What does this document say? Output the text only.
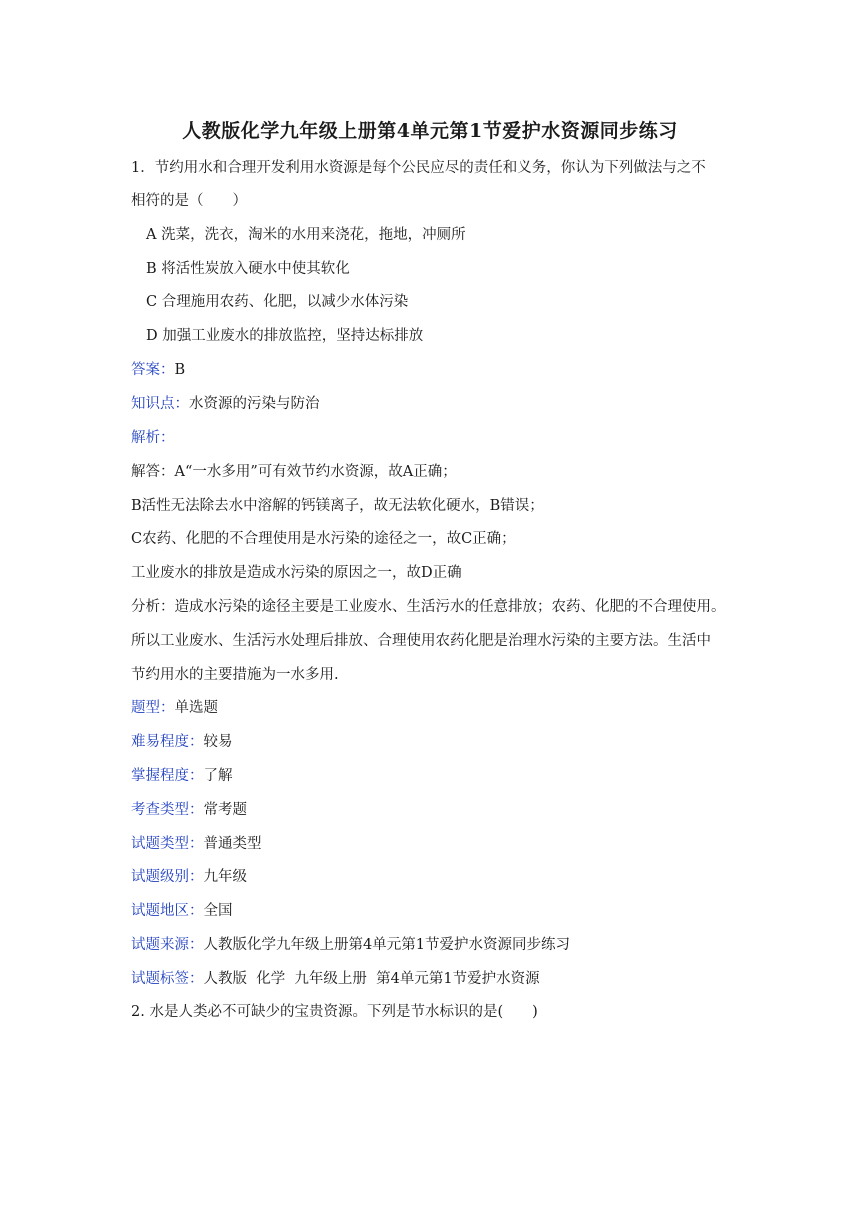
人教版化学九年级上册第4单元第1节爱护水资源同步练习
1．节约用水和合理开发利用水资源是每个公民应尽的责任和义务，你认为下列做法与之不
相符的是（　　）
A 洗菜，洗衣，淘米的水用来浇花，拖地，冲厕所
B 将活性炭放入硬水中使其软化
C 合理施用农药、化肥，以减少水体污染
D 加强工业废水的排放监控，坚持达标排放
答案：B
知识点：水资源的污染与防治
解析：
解答：A“一水多用”可有效节约水资源，故A正确；
B活性无法除去水中溶解的钙镁离子，故无法软化硬水，B错误；
C农药、化肥的不合理使用是水污染的途径之一，故C正确；
工业废水的排放是造成水污染的原因之一，故D正确
分析：造成水污染的途径主要是工业废水、生活污水的任意排放；农药、化肥的不合理使用。
所以工业废水、生活污水处理后排放、合理使用农药化肥是治理水污染的主要方法。生活中
节约用水的主要措施为一水多用.
题型：单选题
难易程度：较易
掌握程度：了解
考查类型：常考题
试题类型：普通类型
试题级别：九年级
试题地区：全国
试题来源：人教版化学九年级上册第4单元第1节爱护水资源同步练习
试题标签：人教版  化学  九年级上册  第4单元第1节爱护水资源
2. 水是人类必不可缺少的宝贵资源。下列是节水标识的是(　　)
